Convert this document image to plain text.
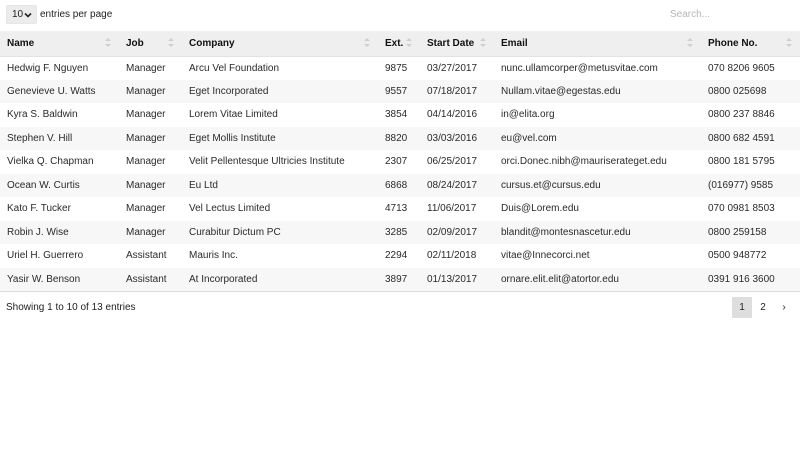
10 entries per page
Search...
Name	Job	Company	Ext.	Start Date	Email	Phone No.

Hedwig F. Nguyen	Manager	Arcu Vel Foundation	9875	03/27/2017	nunc.ullamcorper@metusvitae.com	070 8206 9605
Genevieve U. Watts	Manager	Eget Incorporated	9557	07/18/2017	Nullam.vitae@egestas.edu	0800 025698
Kyra S. Baldwin	Manager	Lorem Vitae Limited	3854	04/14/2016	in@elita.org	0800 237 8846
Stephen V. Hill	Manager	Eget Mollis Institute	8820	03/03/2016	eu@vel.com	0800 682 4591
Vielka Q. Chapman	Manager	Velit Pellentesque Ultricies Institute	2307	06/25/2017	orci.Donec.nibh@mauriserateget.edu	0800 181 5795
Ocean W. Curtis	Manager	Eu Ltd	6868	08/24/2017	cursus.et@cursus.edu	(016977) 9585
Kato F. Tucker	Manager	Vel Lectus Limited	4713	11/06/2017	Duis@Lorem.edu	070 0981 8503
Robin J. Wise	Manager	Curabitur Dictum PC	3285	02/09/2017	blandit@montesnascetur.edu	0800 259158
Uriel H. Guerrero	Assistant	Mauris Inc.	2294	02/11/2018	vitae@Innecorci.net	0500 948772
Yasir W. Benson	Assistant	At Incorporated	3897	01/13/2017	ornare.elit.elit@atortor.edu	0391 916 3600
Showing 1 to 10 of 13 entries	1	2	›
